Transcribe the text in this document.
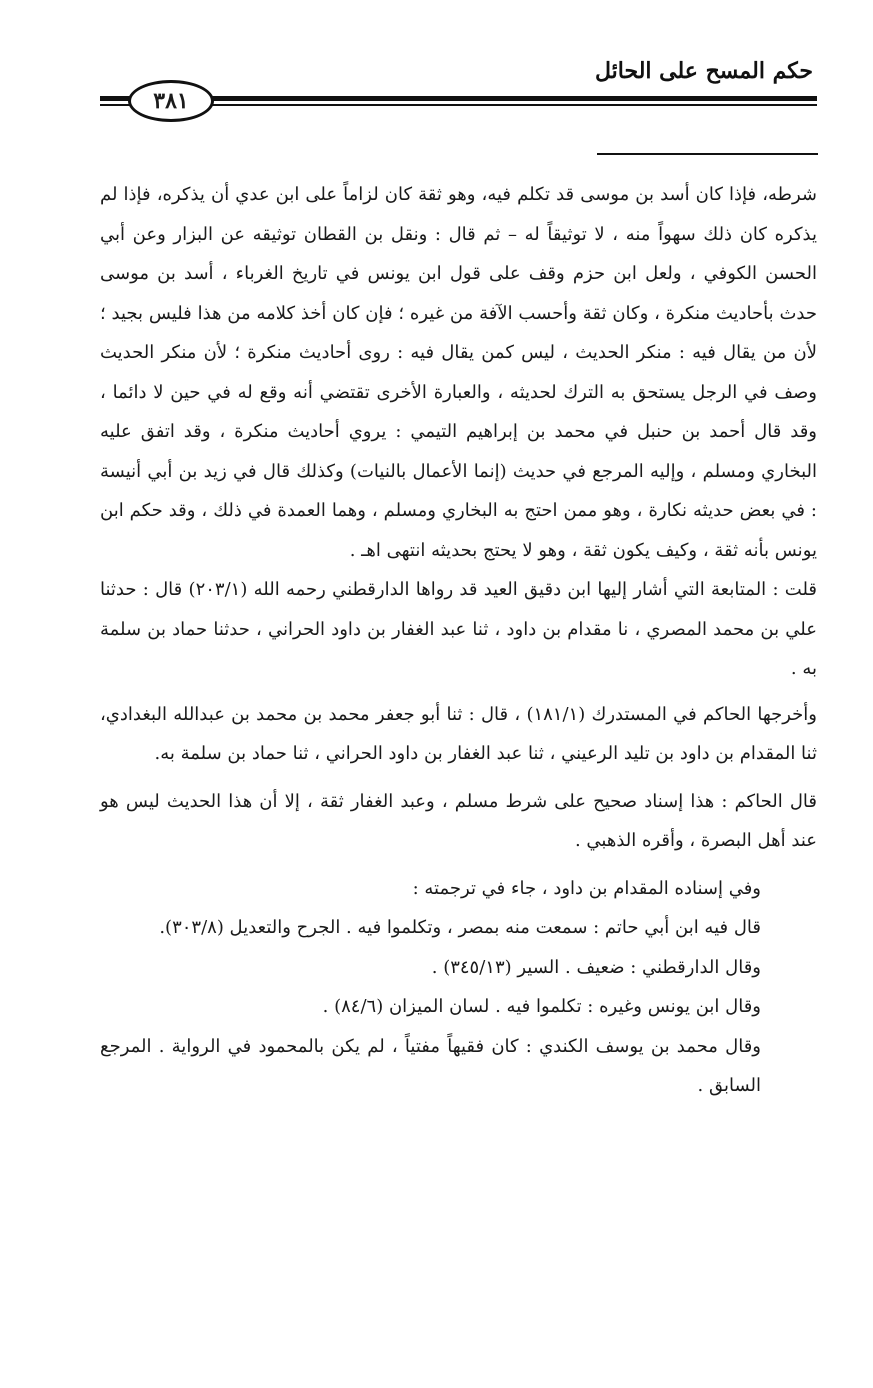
حكم المسح على الحائل
٣٨١

شرطه، فإذا كان أسد بن موسى قد تكلم فيه، وهو ثقة كان لزاماً على ابن عدي أن يذكره، فإذا لم يذكره كان ذلك سهواً منه ، لا توثيقاً له – ثم قال : ونقل بن القطان توثيقه عن البزار وعن أبي الحسن الكوفي ، ولعل ابن حزم وقف على قول ابن يونس في تاريخ الغرباء ، أسد بن موسى حدث بأحاديث منكرة ، وكان ثقة وأحسب الآفة من غيره ؛ فإن كان أخذ كلامه من هذا فليس بجيد ؛ لأن من يقال فيه : منكر الحديث ، ليس كمن يقال فيه : روى أحاديث منكرة ؛ لأن منكر الحديث وصف في الرجل يستحق به الترك لحديثه ، والعبارة الأخرى تقتضي أنه وقع له في حين لا دائما ، وقد قال أحمد بن حنبل في محمد بن إبراهيم التيمي : يروي أحاديث منكرة ، وقد اتفق عليه البخاري ومسلم ، وإليه المرجع في حديث (إنما الأعمال بالنيات) وكذلك قال في زيد بن أبي أنيسة : في بعض حديثه نكارة ، وهو ممن احتج به البخاري ومسلم ، وهما العمدة في ذلك ، وقد حكم ابن يونس بأنه ثقة ، وكيف يكون ثقة ، وهو لا يحتج بحديثه انتهى اهـ .

قلت : المتابعة التي أشار إليها ابن دقيق العيد قد رواها الدارقطني رحمه الله (٢٠٣/١) قال : حدثنا علي بن محمد المصري ، نا مقدام بن داود ، ثنا عبد الغفار بن داود الحراني ، حدثنا حماد بن سلمة به .

وأخرجها الحاكم في المستدرك (١٨١/١) ، قال : ثنا أبو جعفر محمد بن محمد بن عبدالله البغدادي، ثنا المقدام بن داود بن تليد الرعيني ، ثنا عبد الغفار بن داود الحراني ، ثنا حماد بن سلمة به.

قال الحاكم : هذا إسناد صحيح على شرط مسلم ، وعبد الغفار ثقة ، إلا أن هذا الحديث ليس هو عند أهل البصرة ، وأقره الذهبي .

وفي إسناده المقدام بن داود ، جاء في ترجمته :

قال فيه ابن أبي حاتم : سمعت منه بمصر ، وتكلموا فيه . الجرح والتعديل (٣٠٣/٨).

وقال الدارقطني : ضعيف . السير (٣٤٥/١٣) .

وقال ابن يونس وغيره : تكلموا فيه . لسان الميزان (٨٤/٦) .

وقال محمد بن يوسف الكندي : كان فقيهاً مفتياً ، لم يكن بالمحمود في الرواية . المرجع السابق .
